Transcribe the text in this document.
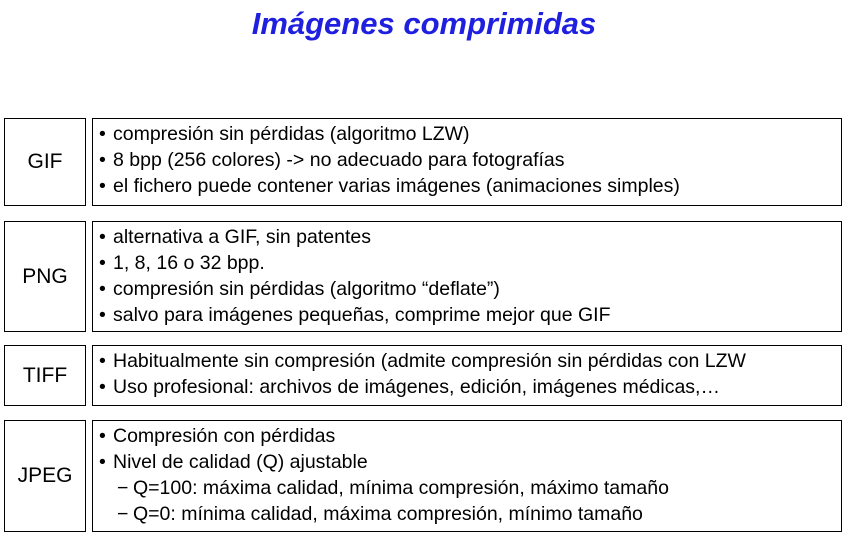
Imágenes comprimidas
GIF
• compresión sin pérdidas (algoritmo LZW)
• 8 bpp (256 colores) -> no adecuado para fotografías
• el fichero puede contener varias imágenes (animaciones simples)
PNG
• alternativa a GIF, sin patentes
• 1, 8, 16 o 32 bpp.
• compresión sin pérdidas (algoritmo “deflate”)
• salvo para imágenes pequeñas, comprime mejor que GIF
TIFF
• Habitualmente sin compresión (admite compresión sin pérdidas con LZW
• Uso profesional: archivos de imágenes, edición, imágenes médicas,…
JPEG
• Compresión con pérdidas
• Nivel de calidad (Q) ajustable
− Q=100: máxima calidad, mínima compresión, máximo tamaño
− Q=0: mínima calidad, máxima compresión, mínimo tamaño
